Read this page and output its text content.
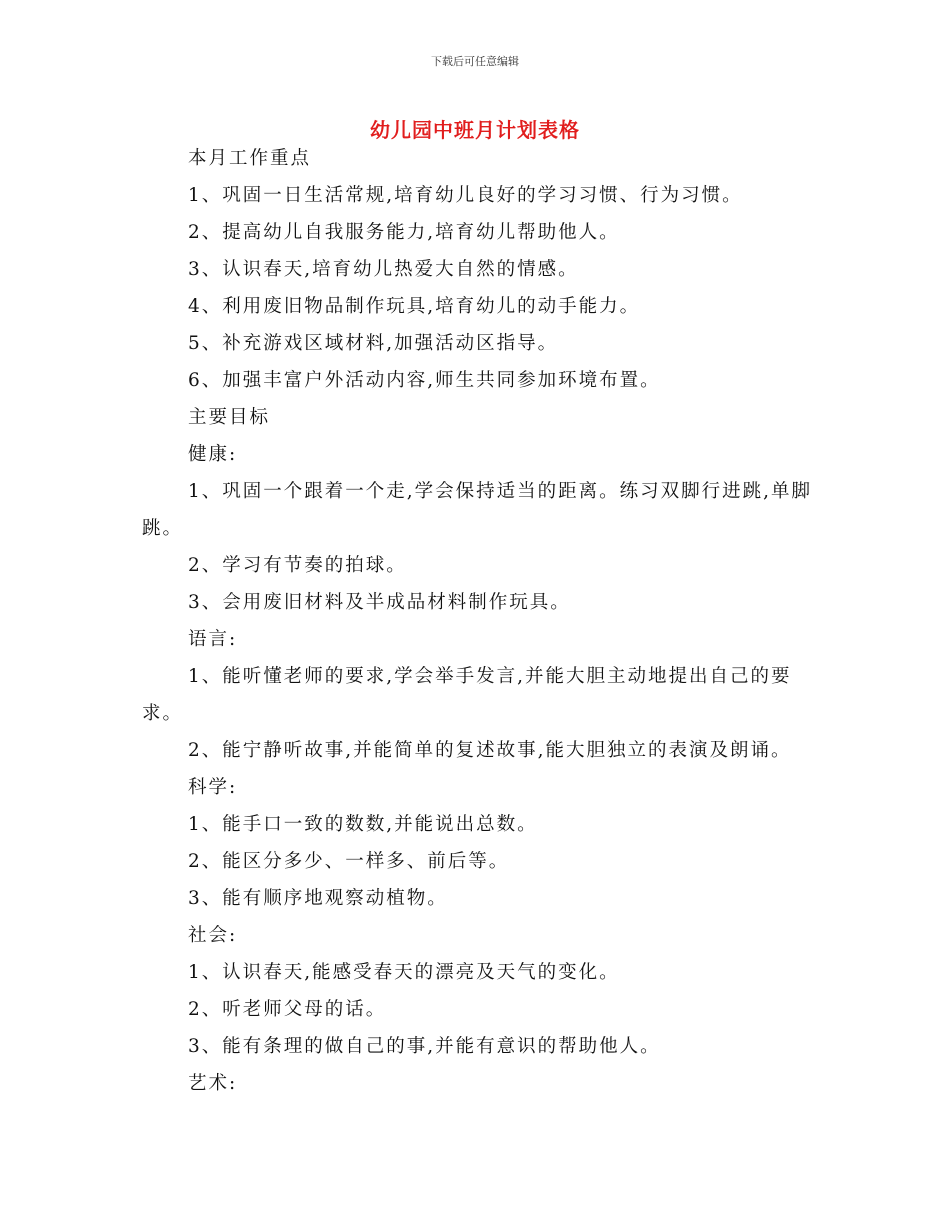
下载后可任意编辑
幼儿园中班月计划表格
本月工作重点
1、巩固一日生活常规,培育幼儿良好的学习习惯、行为习惯。
2、提高幼儿自我服务能力,培育幼儿帮助他人。
3、认识春天,培育幼儿热爱大自然的情感。
4、利用废旧物品制作玩具,培育幼儿的动手能力。
5、补充游戏区域材料,加强活动区指导。
6、加强丰富户外活动内容,师生共同参加环境布置。
主要目标
健康:
1、巩固一个跟着一个走,学会保持适当的距离。练习双脚行进跳,单脚跳。
2、学习有节奏的拍球。
3、会用废旧材料及半成品材料制作玩具。
语言:
1、能听懂老师的要求,学会举手发言,并能大胆主动地提出自己的要求。
2、能宁静听故事,并能简单的复述故事,能大胆独立的表演及朗诵。
科学:
1、能手口一致的数数,并能说出总数。
2、能区分多少、一样多、前后等。
3、能有顺序地观察动植物。
社会:
1、认识春天,能感受春天的漂亮及天气的变化。
2、听老师父母的话。
3、能有条理的做自己的事,并能有意识的帮助他人。
艺术:
